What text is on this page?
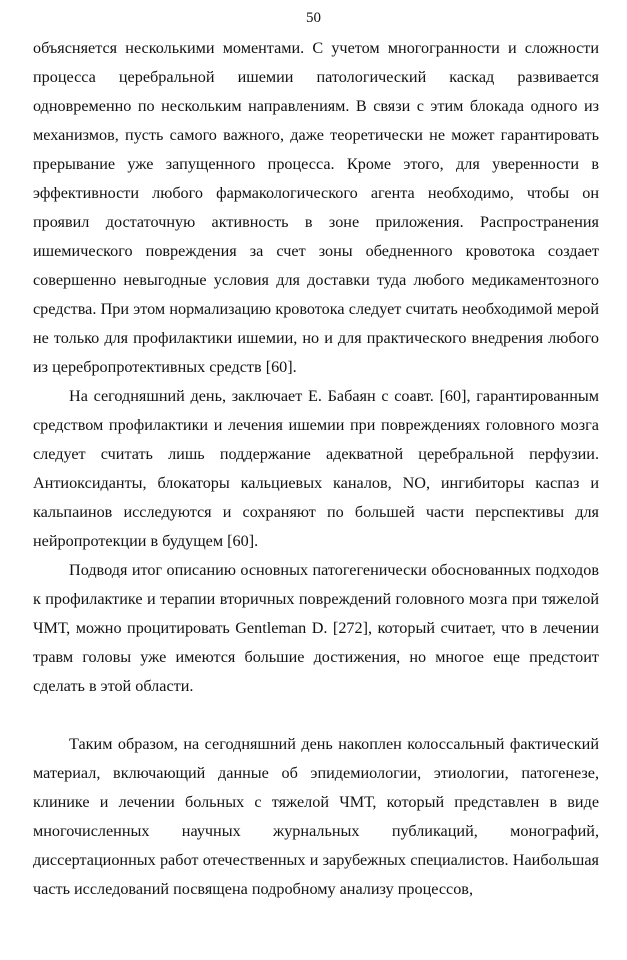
50

объясняется несколькими моментами. С учетом многогранности и сложности процесса церебральной ишемии патологический каскад развивается одновременно по нескольким направлениям. В связи с этим блокада одного из механизмов, пусть самого важного, даже теоретически не может гарантировать прерывание уже запущенного процесса. Кроме этого, для уверенности в эффективности любого фармакологического агента необходимо, чтобы он проявил достаточную активность в зоне приложения. Распространения ишемического повреждения за счет зоны обедненного кровотока создает совершенно невыгодные условия для доставки туда любого медикаментозного средства. При этом нормализацию кровотока следует считать необходимой мерой не только для профилактики ишемии, но и для практического внедрения любого из церебропротективных средств [60].

На сегодняшний день, заключает Е. Бабаян с соавт. [60], гарантированным средством профилактики и лечения ишемии при повреждениях головного мозга следует считать лишь поддержание адекватной церебральной перфузии. Антиоксиданты, блокаторы кальциевых каналов, NO, ингибиторы каспаз и кальпаинов исследуются и сохраняют по большей части перспективы для нейропротекции в будущем [60].

Подводя итог описанию основных патогегенически обоснованных подходов к профилактике и терапии вторичных повреждений головного мозга при тяжелой ЧМТ, можно процитировать Gentleman D. [272], который считает, что в лечении травм головы уже имеются большие достижения, но многое еще предстоит сделать в этой области.

Таким образом, на сегодняшний день накоплен колоссальный фактический материал, включающий данные об эпидемиологии, этиологии, патогенезе, клинике и лечении больных с тяжелой ЧМТ, который представлен в виде многочисленных научных журнальных публикаций, монографий, диссертационных работ отечественных и зарубежных специалистов. Наибольшая часть исследований посвящена подробному анализу процессов,
